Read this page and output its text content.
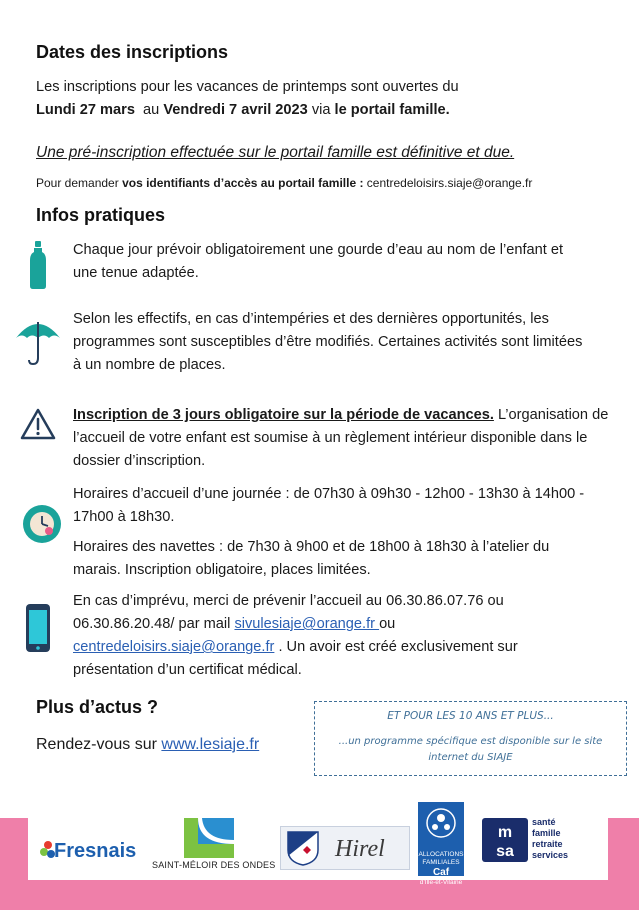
Dates des inscriptions
Les inscriptions pour les vacances de printemps sont ouvertes du
Lundi 27 mars  au Vendredi 7 avril 2023 via le portail famille.
Une pré-inscription effectuée sur le portail famille est définitive et due.
Pour demander vos identifiants d’accès au portail famille : centredeloisirs.siaje@orange.fr
Infos pratiques
Chaque jour prévoir obligatoirement une gourde d’eau au nom de l’enfant et
une tenue adaptée.
Selon les effectifs, en cas d’intempéries et des dernières opportunités, les
programmes sont susceptibles d’être modifiés. Certaines activités sont limitées
à un nombre de places.
Inscription de 3 jours obligatoire sur la période de vacances. L’organisation de
l’accueil de votre enfant est soumise à un règlement intérieur disponible dans le
dossier d’inscription.
Horaires d’accueil d’une journée : de 07h30 à 09h30 - 12h00 - 13h30 à 14h00 -
17h00 à 18h30.
Horaires des navettes : de 7h30 à 9h00 et de 18h00 à 18h30 à l’atelier du
marais. Inscription obligatoire, places limitées.
En cas d’imprévu, merci de prévenir l’accueil au 06.30.86.07.76 ou
06.30.86.20.48/ par mail sivulesiaje@orange.fr ou
centredeloisirs.siaje@orange.fr . Un avoir est créé exclusivement sur
présentation d’un certificat médical.
Plus d’actus ?
Rendez-vous sur www.lesiaje.fr
ET POUR LES 10 ANS ET PLUS...
...un programme spécifique est disponible sur le site internet du SIAJE
Fresnais
SAINT-MÉLOIR DES ONDES
Hirel	ALLOCATIONS FAMILIALES
Caf
d’Ille-et-Vilaine
m
sa
santé
famille
retraite
services
